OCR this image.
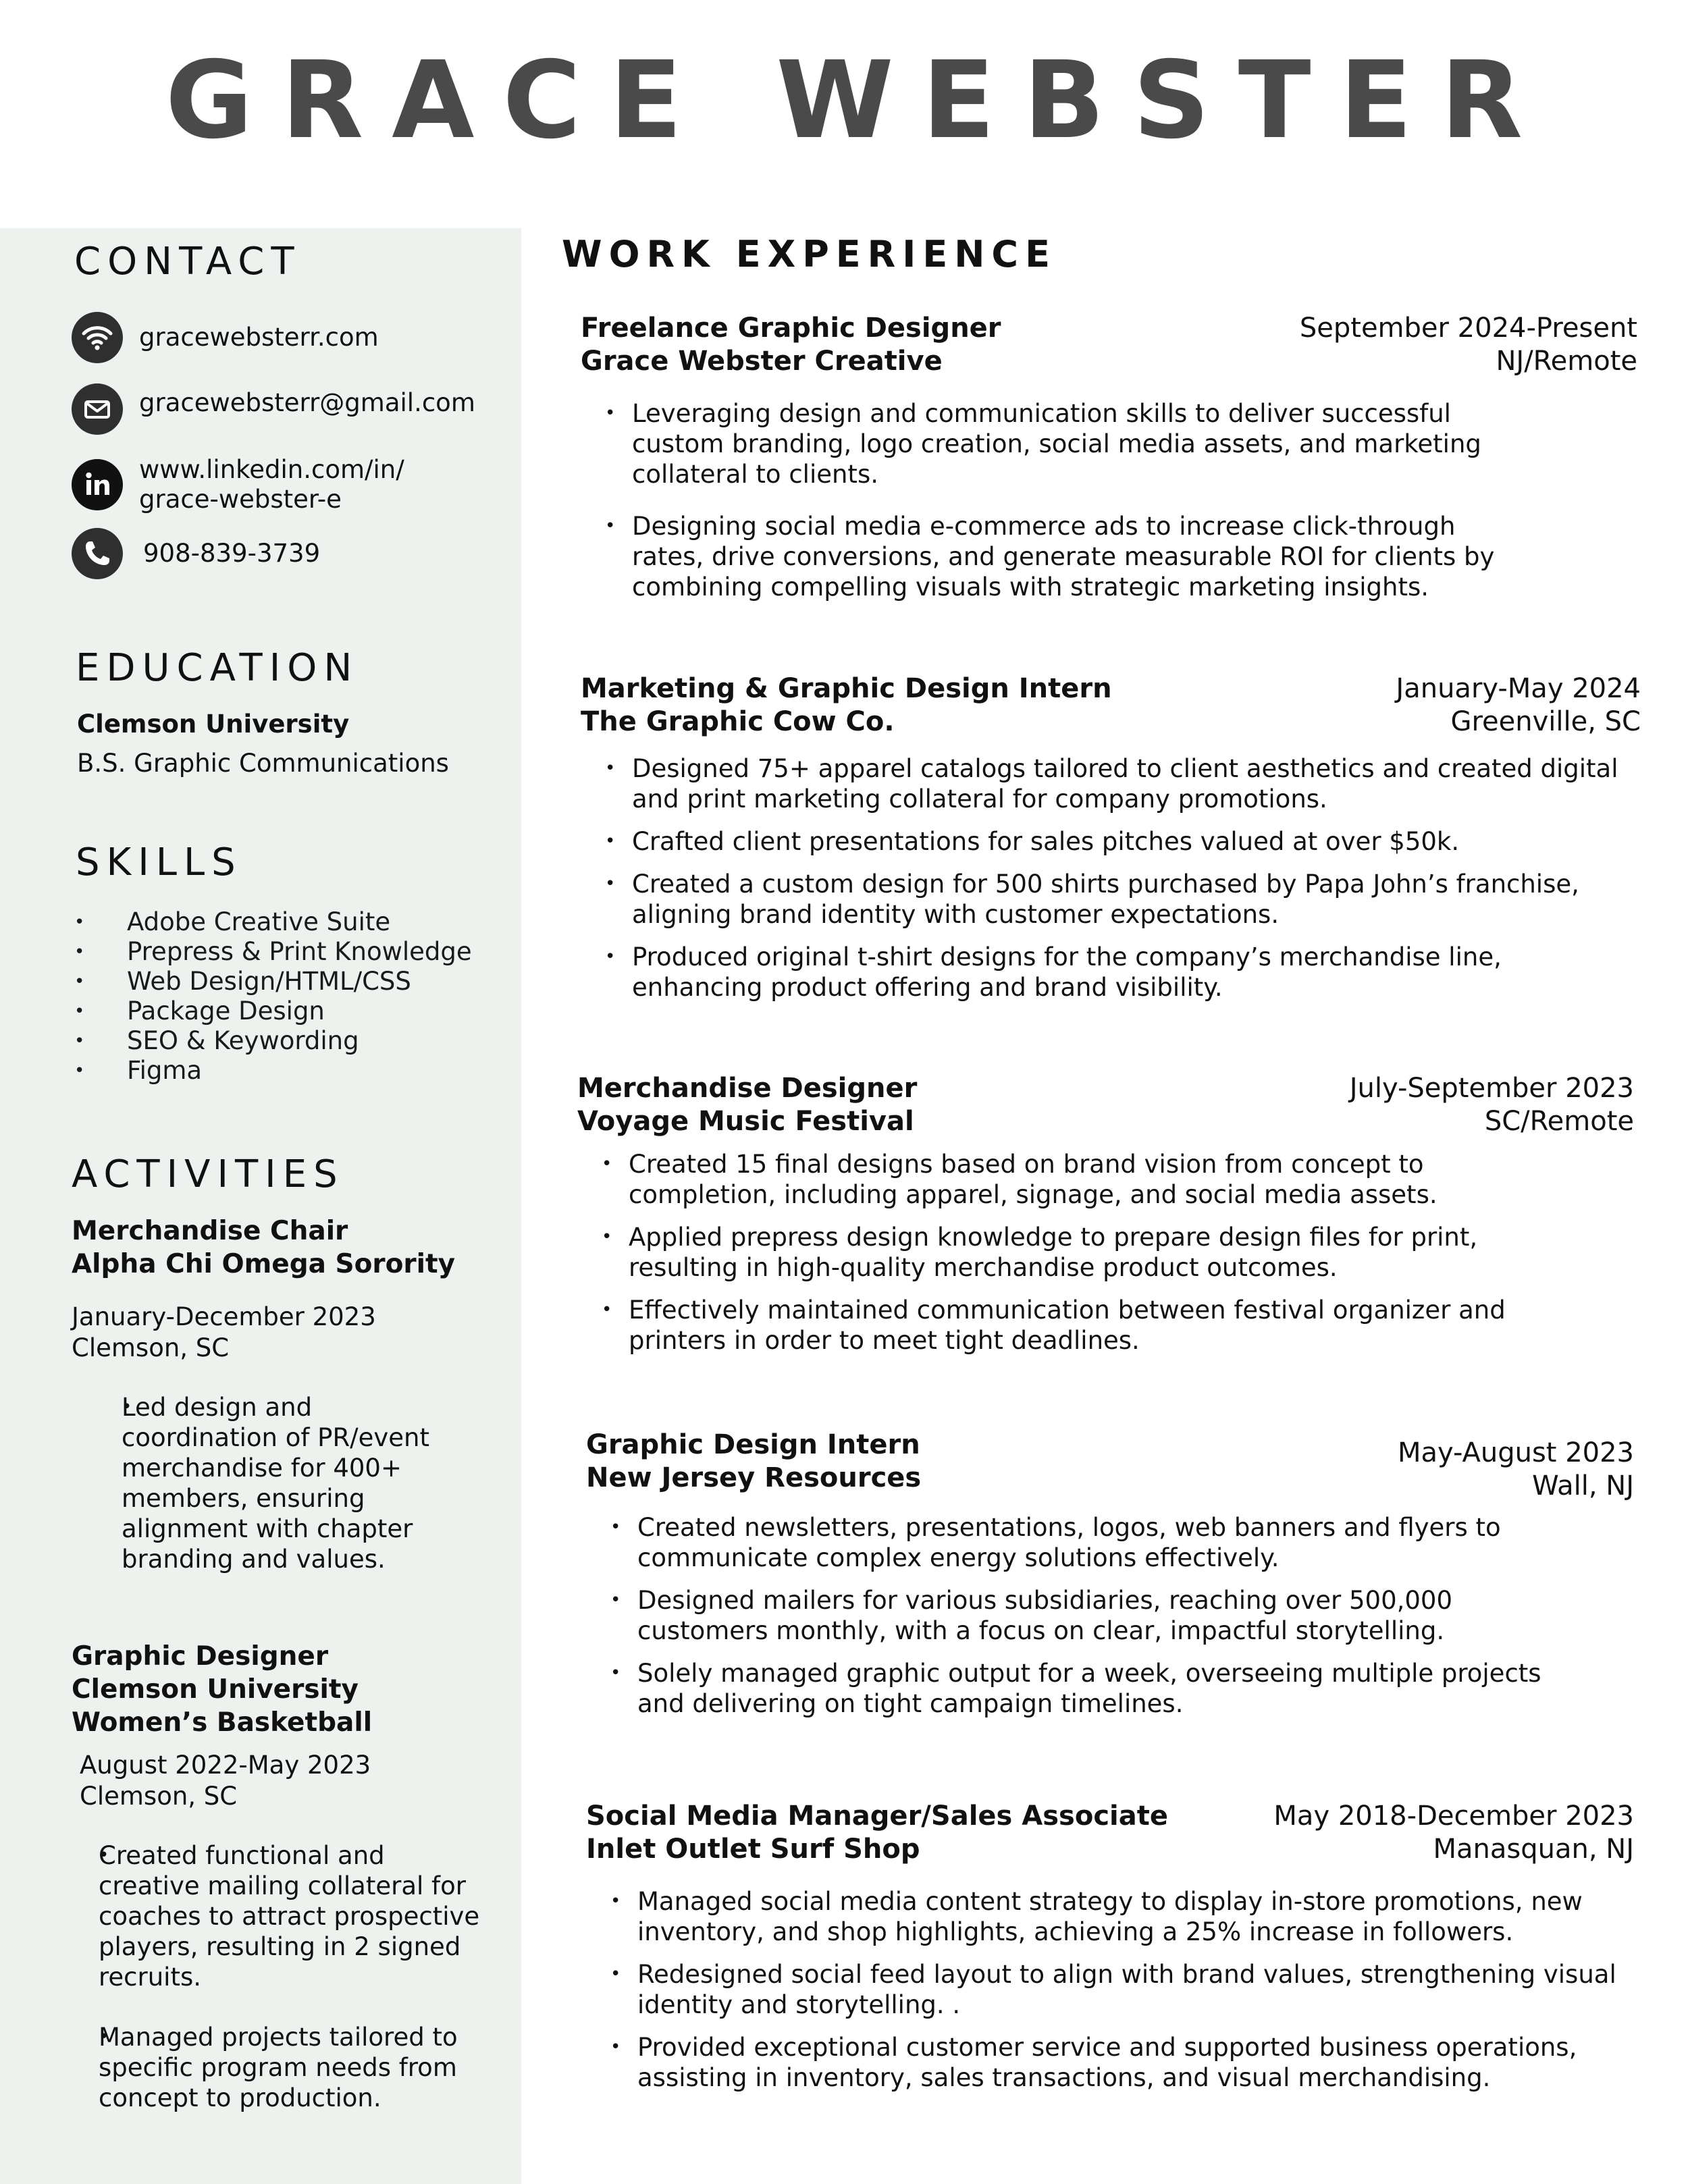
GRACE WEBSTER
CONTACT
gracewebsterr.com
gracewebsterr@gmail.com
www.linkedin.com/in/
grace-webster-e
908-839-3739
EDUCATION
Clemson University
B.S. Graphic Communications
SKILLS
• Adobe Creative Suite
• Prepress & Print Knowledge
• Web Design/HTML/CSS
• Package Design
• SEO & Keywording
• Figma
ACTIVITIES
Merchandise Chair
Alpha Chi Omega Sorority
January-December 2023
Clemson, SC
• Led design and coordination of PR/event merchandise for 400+ members, ensuring alignment with chapter branding and values.
Graphic Designer
Clemson University
Women’s Basketball
August 2022-May 2023
Clemson, SC
• Created functional and creative mailing collateral for coaches to attract prospective players, resulting in 2 signed recruits.
• Managed projects tailored to specific program needs from concept to production.
WORK EXPERIENCE
Freelance Graphic Designer
Grace Webster Creative
September 2024-Present
NJ/Remote
• Leveraging design and communication skills to deliver successful custom branding, logo creation, social media assets, and marketing collateral to clients.
• Designing social media e-commerce ads to increase click-through rates, drive conversions, and generate measurable ROI for clients by combining compelling visuals with strategic marketing insights.
Marketing & Graphic Design Intern
The Graphic Cow Co.
January-May 2024
Greenville, SC
• Designed 75+ apparel catalogs tailored to client aesthetics and created digital and print marketing collateral for company promotions.
• Crafted client presentations for sales pitches valued at over $50k.
• Created a custom design for 500 shirts purchased by Papa John’s franchise, aligning brand identity with customer expectations.
• Produced original t-shirt designs for the company’s merchandise line, enhancing product offering and brand visibility.
Merchandise Designer
Voyage Music Festival
July-September 2023
SC/Remote
• Created 15 final designs based on brand vision from concept to completion, including apparel, signage, and social media assets.
• Applied prepress design knowledge to prepare design files for print, resulting in high-quality merchandise product outcomes.
• Effectively maintained communication between festival organizer and printers in order to meet tight deadlines.
Graphic Design Intern
New Jersey Resources
May-August 2023
Wall, NJ
• Created newsletters, presentations, logos, web banners and flyers to communicate complex energy solutions effectively.
• Designed mailers for various subsidiaries, reaching over 500,000 customers monthly, with a focus on clear, impactful storytelling.
• Solely managed graphic output for a week, overseeing multiple projects and delivering on tight campaign timelines.
Social Media Manager/Sales Associate
Inlet Outlet Surf Shop
May 2018-December 2023
Manasquan, NJ
• Managed social media content strategy to display in-store promotions, new inventory, and shop highlights, achieving a 25% increase in followers.
• Redesigned social feed layout to align with brand values, strengthening visual identity and storytelling. .
• Provided exceptional customer service and supported business operations, assisting in inventory, sales transactions, and visual merchandising.
